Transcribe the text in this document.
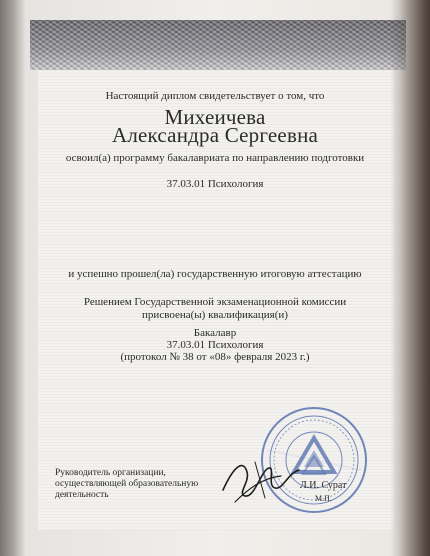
Настоящий диплом свидетельствует о том, что
Михеичева
Александра Сергеевна
освоил(а) программу бакалавриата по направлению подготовки
37.03.01 Психология
и успешно прошел(ла) государственную итоговую аттестацию
Решением Государственной экзаменационной комиссии
присвоена(ы) квалификация(и)
Бакалавр
37.03.01 Психология
(протокол № 38 от «08» февраля 2023 г.)
Руководитель организации,
осуществляющей образовательную
деятельность
Л.И. Сурат
М.П.
